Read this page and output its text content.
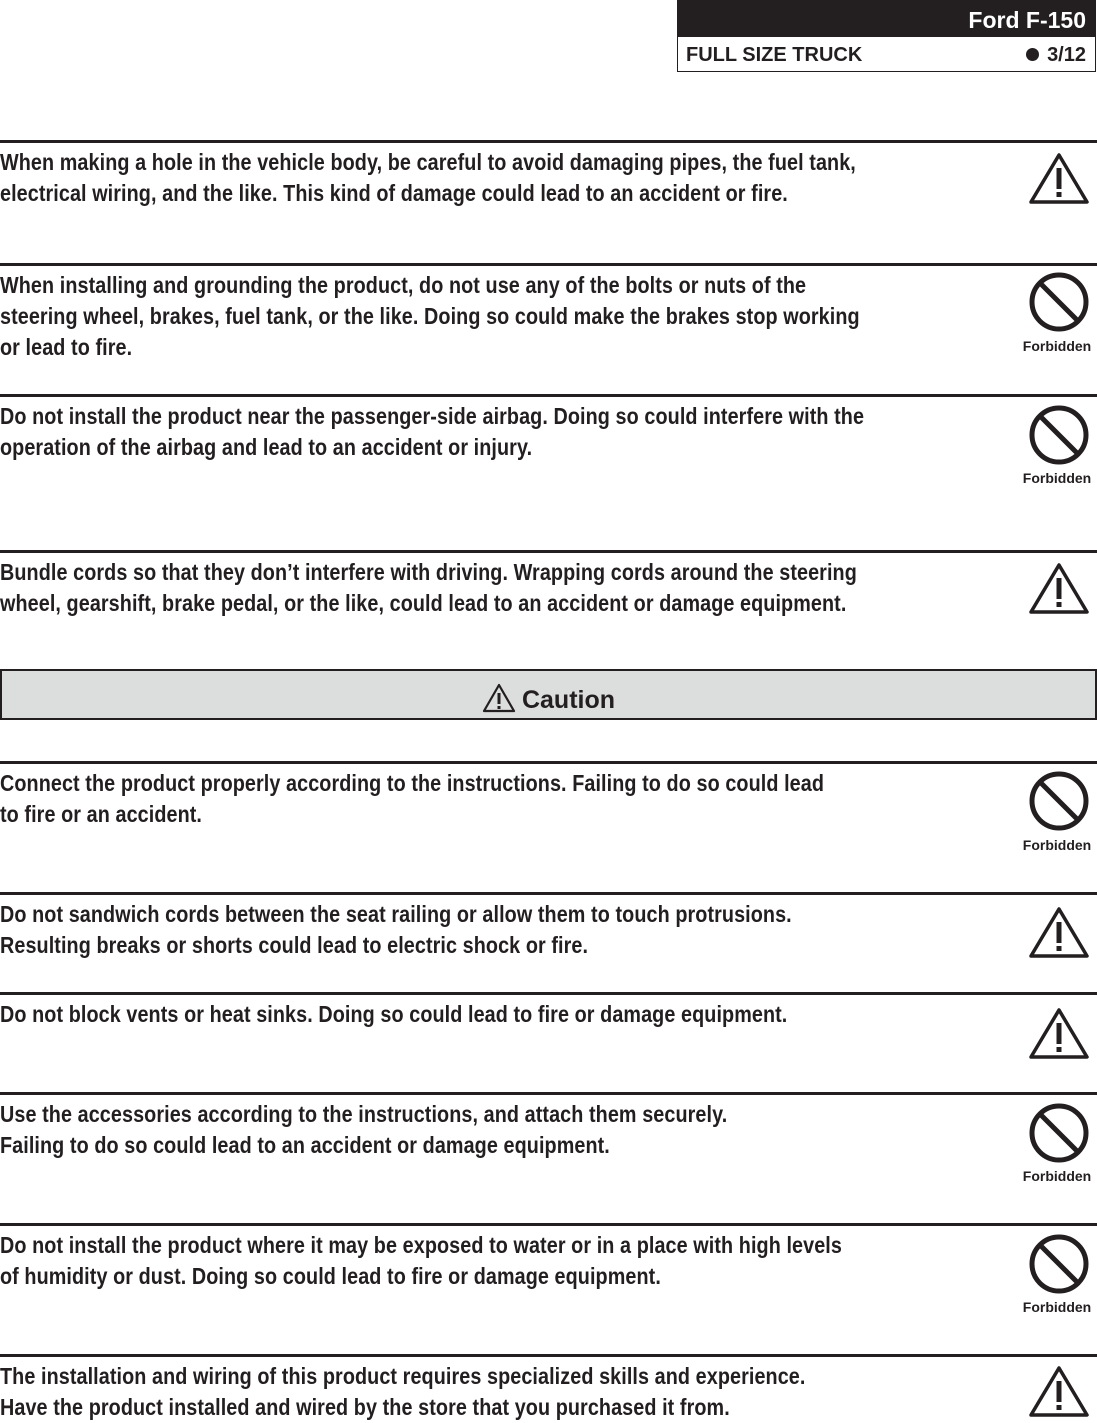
Ford F-150
FULL SIZE TRUCK	3/12
When making a hole in the vehicle body, be careful to avoid damaging pipes, the fuel tank,
electrical wiring, and the like. This kind of damage could lead to an accident or fire.
When installing and grounding the product, do not use any of the bolts or nuts of the
steering wheel, brakes, fuel tank, or the like. Doing so could make the brakes stop working
or lead to fire.	Forbidden
Do not install the product near the passenger-side airbag. Doing so could interfere with the
operation of the airbag and lead to an accident or injury.
Forbidden
Bundle cords so that they don’t interfere with driving. Wrapping cords around the steering
wheel, gearshift, brake pedal, or the like, could lead to an accident or damage equipment.
Caution
Connect the product properly according to the instructions. Failing to do so could lead
to fire or an accident.
Forbidden
Do not sandwich cords between the seat railing or allow them to touch protrusions.
Resulting breaks or shorts could lead to electric shock or fire.
Do not block vents or heat sinks. Doing so could lead to fire or damage equipment.
Use the accessories according to the instructions, and attach them securely.
Failing to do so could lead to an accident or damage equipment.
Forbidden
Do not install the product where it may be exposed to water or in a place with high levels
of humidity or dust. Doing so could lead to fire or damage equipment.
Forbidden
The installation and wiring of this product requires specialized skills and experience.
Have the product installed and wired by the store that you purchased it from.
